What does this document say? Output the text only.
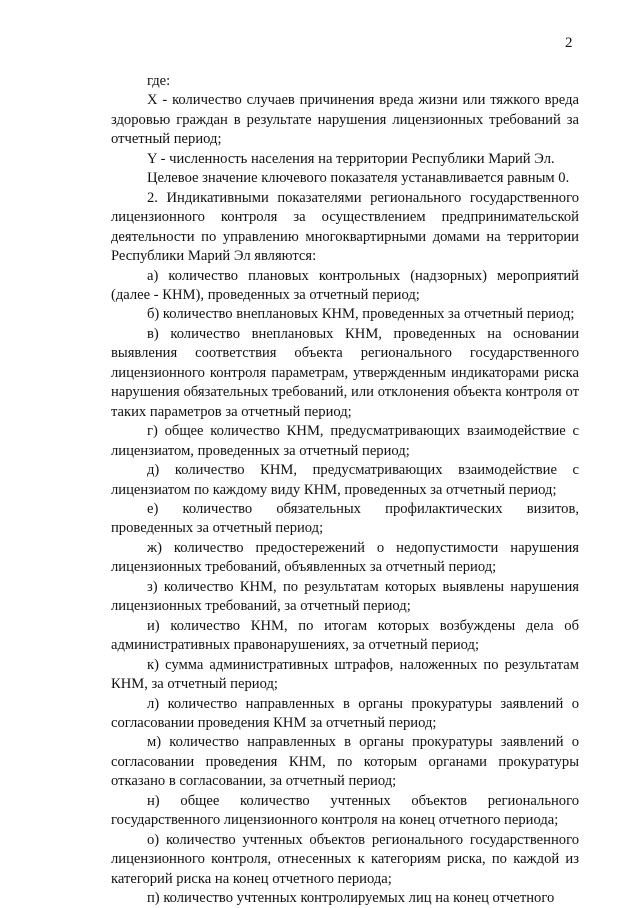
2

где:

X - количество случаев причинения вреда жизни или тяжкого вреда здоровью граждан в результате нарушения лицензионных требований за отчетный период;

Y - численность населения на территории Республики Марий Эл.

Целевое значение ключевого показателя устанавливается равным 0.

2. Индикативными показателями регионального государственного лицензионного контроля за осуществлением предпринимательской деятельности по управлению многоквартирными домами на территории Республики Марий Эл являются:

а) количество плановых контрольных (надзорных) мероприятий (далее - КНМ), проведенных за отчетный период;

б) количество внеплановых КНМ, проведенных за отчетный период;

в) количество внеплановых КНМ, проведенных на основании выявления соответствия объекта регионального государственного лицензионного контроля параметрам, утвержденным индикаторами риска нарушения обязательных требований, или отклонения объекта контроля от таких параметров за отчетный период;

г) общее количество КНМ, предусматривающих взаимодействие с лицензиатом, проведенных за отчетный период;

д) количество КНМ, предусматривающих взаимодействие с лицензиатом по каждому виду КНМ, проведенных за отчетный период;

е) количество обязательных профилактических визитов, проведенных за отчетный период;

ж) количество предостережений о недопустимости нарушения лицензионных требований, объявленных за отчетный период;

з) количество КНМ, по результатам которых выявлены нарушения лицензионных требований, за отчетный период;

и) количество КНМ, по итогам которых возбуждены дела об административных правонарушениях, за отчетный период;

к) сумма административных штрафов, наложенных по результатам КНМ, за отчетный период;

л) количество направленных в органы прокуратуры заявлений о согласовании проведения КНМ за отчетный период;

м) количество направленных в органы прокуратуры заявлений о согласовании проведения КНМ, по которым органами прокуратуры отказано в согласовании, за отчетный период;

н) общее количество учтенных объектов регионального государственного лицензионного контроля на конец отчетного периода;

о) количество учтенных объектов регионального государственного лицензионного контроля, отнесенных к категориям риска, по каждой из категорий риска на конец отчетного периода;

п) количество учтенных контролируемых лиц на конец отчетного
